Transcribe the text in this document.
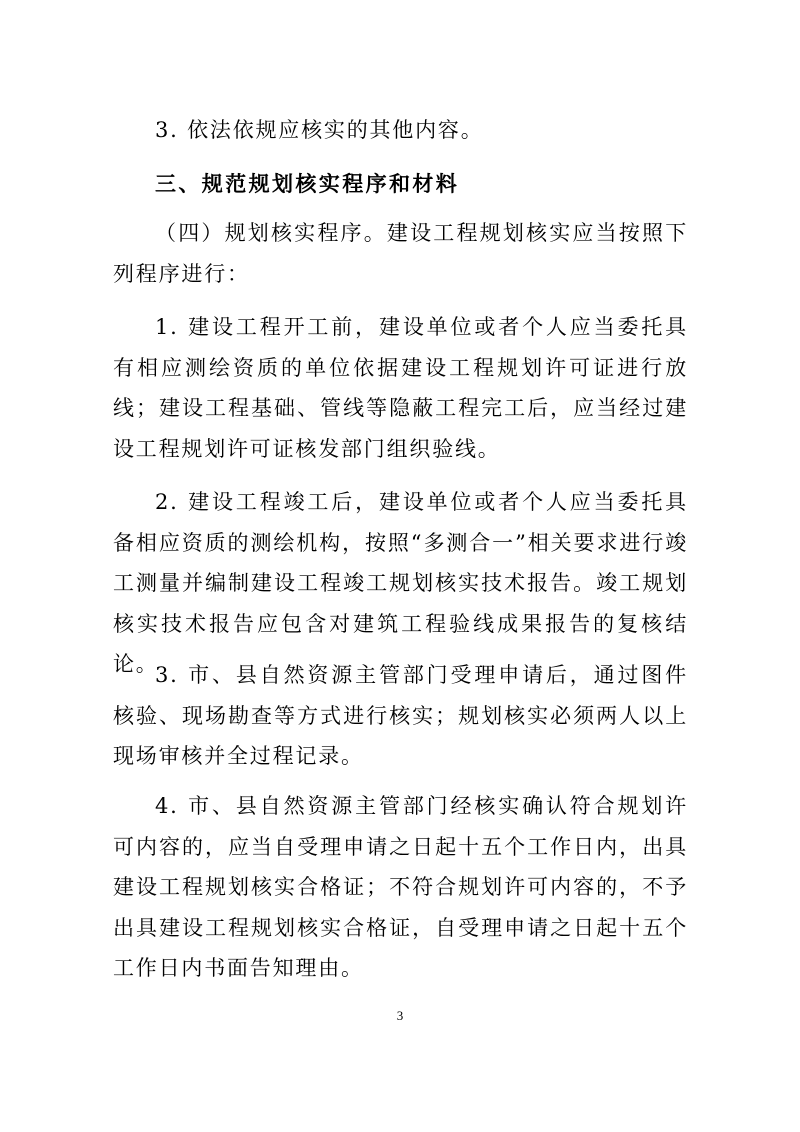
3. 依法依规应核实的其他内容。

三、规范规划核实程序和材料

（四）规划核实程序。建设工程规划核实应当按照下列程序进行：

1. 建设工程开工前，建设单位或者个人应当委托具有相应测绘资质的单位依据建设工程规划许可证进行放线；建设工程基础、管线等隐蔽工程完工后，应当经过建设工程规划许可证核发部门组织验线。

2. 建设工程竣工后，建设单位或者个人应当委托具备相应资质的测绘机构，按照“多测合一”相关要求进行竣工测量并编制建设工程竣工规划核实技术报告。竣工规划核实技术报告应包含对建筑工程验线成果报告的复核结论。

3. 市、县自然资源主管部门受理申请后，通过图件核验、现场勘查等方式进行核实；规划核实必须两人以上现场审核并全过程记录。

4. 市、县自然资源主管部门经核实确认符合规划许可内容的，应当自受理申请之日起十五个工作日内，出具建设工程规划核实合格证；不符合规划许可内容的，不予出具建设工程规划核实合格证，自受理申请之日起十五个工作日内书面告知理由。

3
